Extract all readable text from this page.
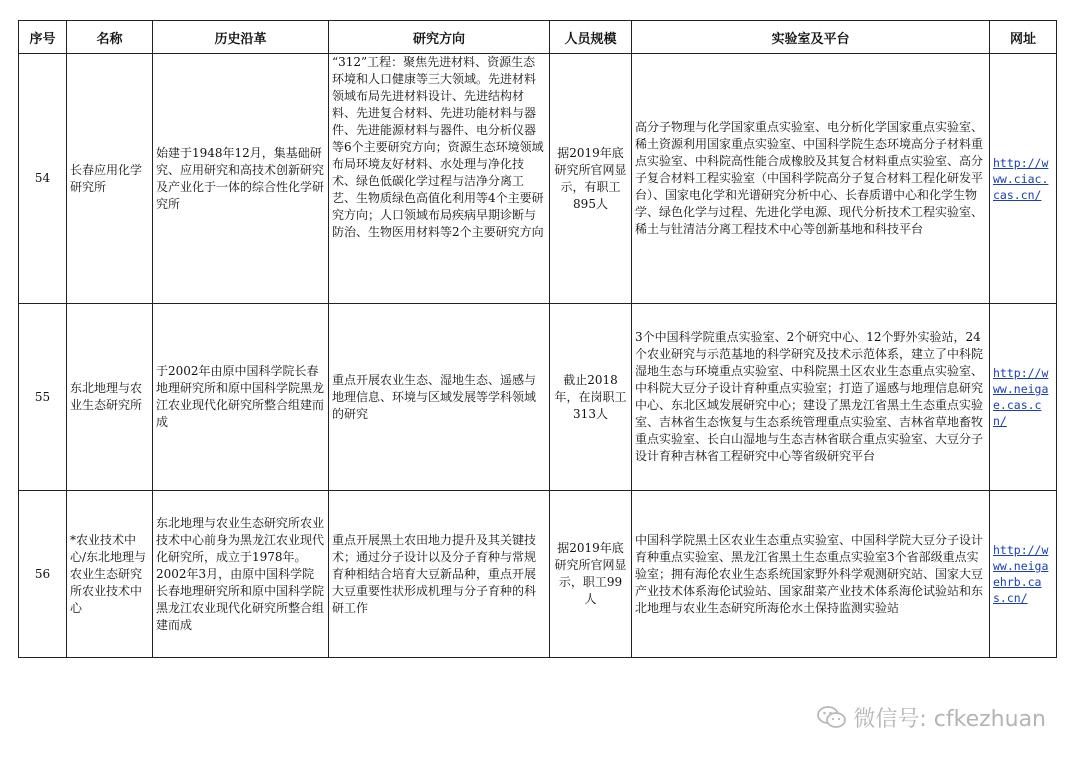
序号	名称	历史沿革	研究方向	人员规模	实验室及平台	网址
54	长春应用化学研究所	始建于1948年12月，集基础研究、应用研究和高技术创新研究及产业化于一体的综合性化学研究所	“312”工程：聚焦先进材料、资源生态环境和人口健康等三大领域。先进材料领域布局先进材料设计、先进结构材料、先进复合材料、先进功能材料与器件、先进能源材料与器件、电分析仪器等6个主要研究方向；资源生态环境领域布局环境友好材料、水处理与净化技术、绿色低碳化学过程与洁净分离工艺、生物质绿色高值化利用等4个主要研究方向；人口领域布局疾病早期诊断与防治、生物医用材料等2个主要研究方向	据2019年底研究所官网显示，有职工895人	高分子物理与化学国家重点实验室、电分析化学国家重点实验室、稀土资源利用国家重点实验室、中国科学院生态环境高分子材料重点实验室、中科院高性能合成橡胶及其复合材料重点实验室、高分子复合材料工程实验室（中国科学院高分子复合材料工程化研发平台）、国家电化学和光谱研究分析中心、长春质谱中心和化学生物学、绿色化学与过程、先进化学电源、现代分析技术工程实验室、稀土与钍清洁分离工程技术中心等创新基地和科技平台	http://www.ciac.cas.cn/
55	东北地理与农业生态研究所	于2002年由原中国科学院长春地理研究所和原中国科学院黑龙江农业现代化研究所整合组建而成	重点开展农业生态、湿地生态、遥感与地理信息、环境与区域发展等学科领域的研究	截止2018年，在岗职工313人	3个中国科学院重点实验室、2个研究中心、12个野外实验站，24个农业研究与示范基地的科学研究及技术示范体系，建立了中科院湿地生态与环境重点实验室、中科院黑土区农业生态重点实验室、中科院大豆分子设计育种重点实验室；打造了遥感与地理信息研究中心、东北区域发展研究中心；建设了黑龙江省黑土生态重点实验室、吉林省生态恢复与生态系统管理重点实验室、吉林省草地畜牧重点实验室、长白山湿地与生态吉林省联合重点实验室、大豆分子设计育种吉林省工程研究中心等省级研究平台	http://www.neigae.cas.cn/
56	*农业技术中心/东北地理与农业生态研究所农业技术中心	东北地理与农业生态研究所农业技术中心前身为黑龙江农业现代化研究所，成立于1978年。2002年3月，由原中国科学院长春地理研究所和原中国科学院黑龙江农业现代化研究所整合组建而成	重点开展黑土农田地力提升及其关键技术；通过分子设计以及分子育种与常规育种相结合培育大豆新品种，重点开展大豆重要性状形成机理与分子育种的科研工作	据2019年底研究所官网显示，职工99人	中国科学院黑土区农业生态重点实验室、中国科学院大豆分子设计育种重点实验室、黑龙江省黑土生态重点实验室3个省部级重点实验室；拥有海伦农业生态系统国家野外科学观测研究站、国家大豆产业技术体系海伦试验站、国家甜菜产业技术体系海伦试验站和东北地理与农业生态研究所海伦水土保持监测实验站	http://www.neigaehrb.cas.cn/
微信号: cfkezhuan
